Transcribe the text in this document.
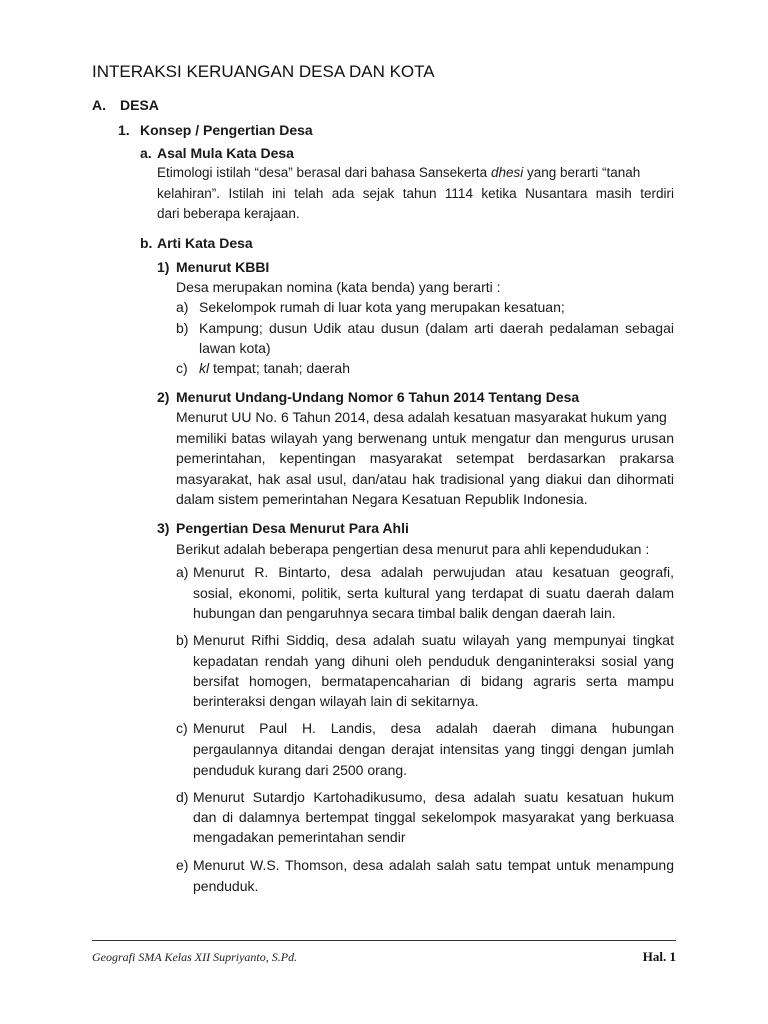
INTERAKSI KERUANGAN DESA DAN KOTA
A. DESA
1. Konsep / Pengertian Desa
a. Asal Mula Kata Desa
Etimologi istilah “desa” berasal dari bahasa Sansekerta dhesi yang berarti “tanah
kelahiran”. Istilah ini telah ada sejak tahun 1114 ketika Nusantara masih terdiri
dari beberapa kerajaan.
b. Arti Kata Desa
1) Menurut KBBI
Desa merupakan nomina (kata benda) yang berarti :
a) Sekelompok rumah di luar kota yang merupakan kesatuan;
b) Kampung; dusun Udik atau dusun (dalam arti daerah pedalaman sebagai
lawan kota)
c) kl tempat; tanah; daerah
2) Menurut Undang-Undang Nomor 6 Tahun 2014 Tentang Desa
Menurut UU No. 6 Tahun 2014, desa adalah kesatuan masyarakat hukum yang
memiliki batas wilayah yang berwenang untuk mengatur dan mengurus urusan
pemerintahan, kepentingan masyarakat setempat berdasarkan prakarsa
masyarakat, hak asal usul, dan/atau hak tradisional yang diakui dan dihormati
dalam sistem pemerintahan Negara Kesatuan Republik Indonesia.
3) Pengertian Desa Menurut Para Ahli
Berikut adalah beberapa pengertian desa menurut para ahli kependudukan :
a) Menurut R. Bintarto, desa adalah perwujudan atau kesatuan geografi,
sosial, ekonomi, politik, serta kultural yang terdapat di suatu daerah dalam
hubungan dan pengaruhnya secara timbal balik dengan daerah lain.
b) Menurut Rifhi Siddiq, desa adalah suatu wilayah yang mempunyai tingkat
kepadatan rendah yang dihuni oleh penduduk denganinteraksi sosial yang
bersifat homogen, bermatapencaharian di bidang agraris serta mampu
berinteraksi dengan wilayah lain di sekitarnya.
c) Menurut Paul H. Landis, desa adalah daerah dimana hubungan
pergaulannya ditandai dengan derajat intensitas yang tinggi dengan jumlah
penduduk kurang dari 2500 orang.
d) Menurut Sutardjo Kartohadikusumo, desa adalah suatu kesatuan hukum
dan di dalamnya bertempat tinggal sekelompok masyarakat yang berkuasa
mengadakan pemerintahan sendir
e) Menurut W.S. Thomson, desa adalah salah satu tempat untuk menampung
penduduk.
Geografi SMA Kelas XII Supriyanto, S.Pd.	Hal. 1
